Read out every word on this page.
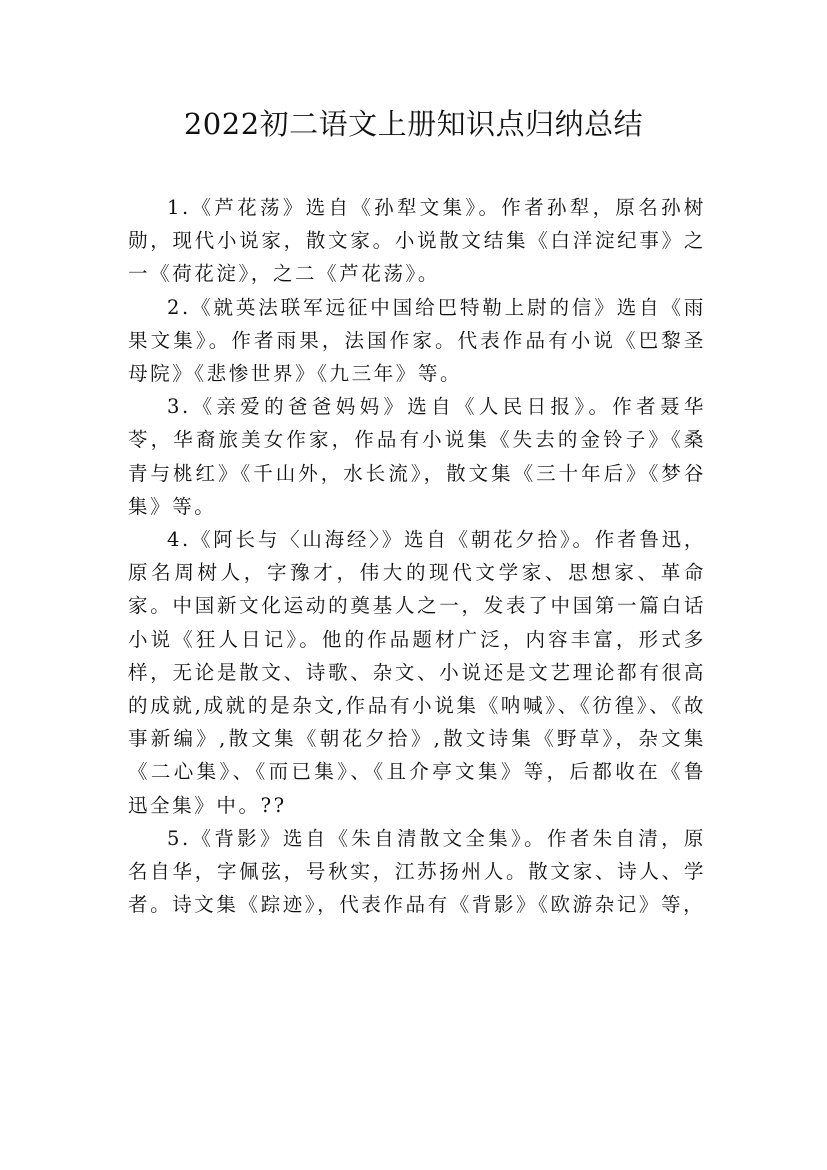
2022初二语文上册知识点归纳总结

1.《芦花荡》选自《孙犁文集》。作者孙犁，原名孙树勋，现代小说家，散文家。小说散文结集《白洋淀纪事》之一《荷花淀》，之二《芦花荡》。

2.《就英法联军远征中国给巴特勒上尉的信》选自《雨果文集》。作者雨果，法国作家。代表作品有小说《巴黎圣母院》《悲惨世界》《九三年》等。

3.《亲爱的爸爸妈妈》选自《人民日报》。作者聂华苓，华裔旅美女作家，作品有小说集《失去的金铃子》《桑青与桃红》《千山外，水长流》，散文集《三十年后》《梦谷集》等。

4.《阿长与〈山海经〉》选自《朝花夕拾》。作者鲁迅，原名周树人，字豫才，伟大的现代文学家、思想家、革命家。中国新文化运动的奠基人之一，发表了中国第一篇白话小说《狂人日记》。他的作品题材广泛，内容丰富，形式多样，无论是散文、诗歌、杂文、小说还是文艺理论都有很高的成就,成就的是杂文,作品有小说集《呐喊》、《彷徨》、《故事新编》,散文集《朝花夕拾》,散文诗集《野草》，杂文集《二心集》、《而已集》、《且介亭文集》等，后都收在《鲁迅全集》中。??

5.《背影》选自《朱自清散文全集》。作者朱自清，原名自华，字佩弦，号秋实，江苏扬州人。散文家、诗人、学者。诗文集《踪迹》，代表作品有《背影》《欧游杂记》等，
